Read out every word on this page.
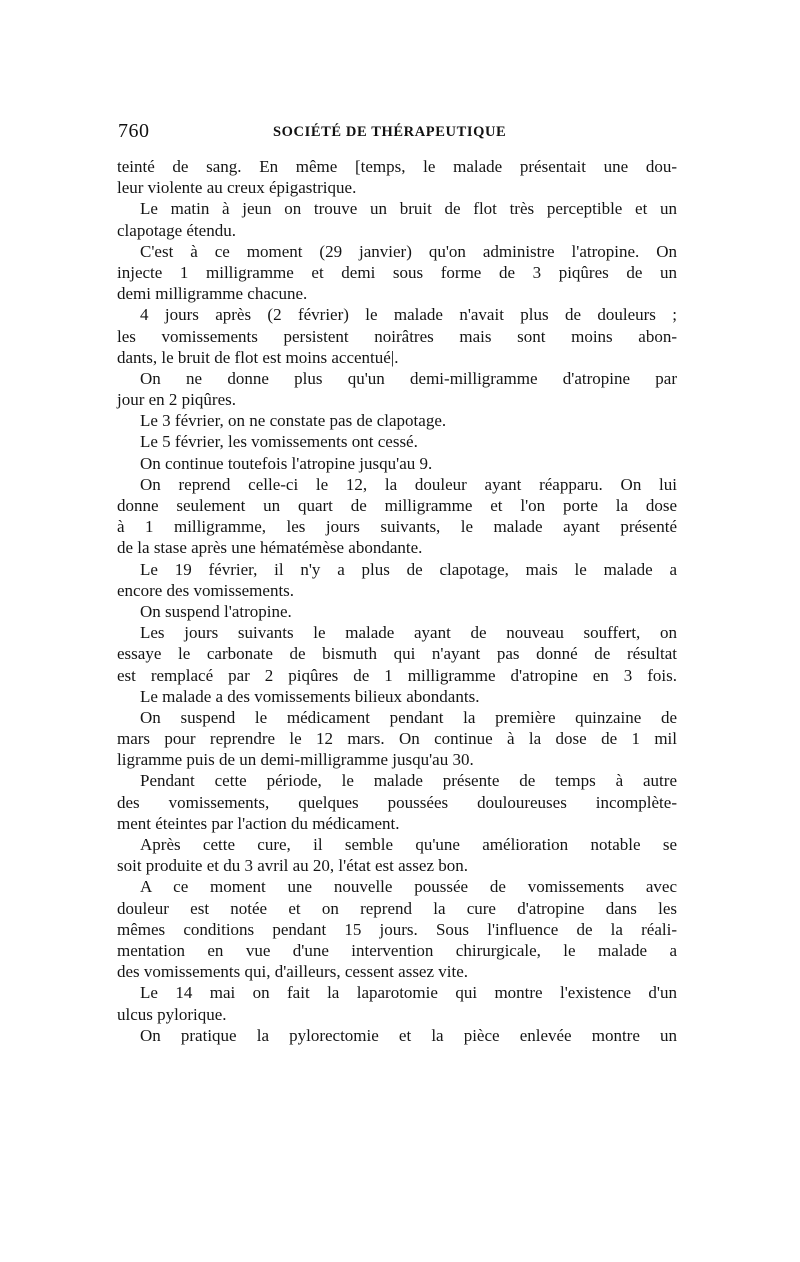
760	SOCIÉTÉ DE THÉRAPEUTIQUE
teinté de sang. En même [temps, le malade présentait une dou-
leur violente au creux épigastrique.
Le matin à jeun on trouve un bruit de flot très perceptible et un
clapotage étendu.
C'est à ce moment (29 janvier) qu'on administre l'atropine. On
injecte 1 milligramme et demi sous forme de 3 piqûres de un
demi milligramme chacune.
4 jours après (2 février) le malade n'avait plus de douleurs ;
les vomissements persistent noirâtres mais sont moins abon-
dants, le bruit de flot est moins accentué|.
On ne donne plus qu'un demi-milligramme d'atropine par
jour en 2 piqûres.
Le 3 février, on ne constate pas de clapotage.
Le 5 février, les vomissements ont cessé.
On continue toutefois l'atropine jusqu'au 9.
On reprend celle-ci le 12, la douleur ayant réapparu. On lui
donne seulement un quart de milligramme et l'on porte la dose
à 1 milligramme, les jours suivants, le malade ayant présenté
de la stase après une hématémèse abondante.
Le 19 février, il n'y a plus de clapotage, mais le malade a
encore des vomissements.
On suspend l'atropine.
Les jours suivants le malade ayant de nouveau souffert, on
essaye le carbonate de bismuth qui n'ayant pas donné de résultat
est remplacé par 2 piqûres de 1 milligramme d'atropine en 3 fois.
Le malade a des vomissements bilieux abondants.
On suspend le médicament pendant la première quinzaine de
mars pour reprendre le 12 mars. On continue à la dose de 1 mil
ligramme puis de un demi-milligramme jusqu'au 30.
Pendant cette période, le malade présente de temps à autre
des vomissements, quelques poussées douloureuses incomplète-
ment éteintes par l'action du médicament.
Après cette cure, il semble qu'une amélioration notable se
soit produite et du 3 avril au 20, l'état est assez bon.
A ce moment une nouvelle poussée de vomissements avec
douleur est notée et on reprend la cure d'atropine dans les
mêmes conditions pendant 15 jours. Sous l'influence de la réali-
mentation en vue d'une intervention chirurgicale, le malade a
des vomissements qui, d'ailleurs, cessent assez vite.
Le 14 mai on fait la laparotomie qui montre l'existence d'un
ulcus pylorique.
On pratique la pylorectomie et la pièce enlevée montre un
